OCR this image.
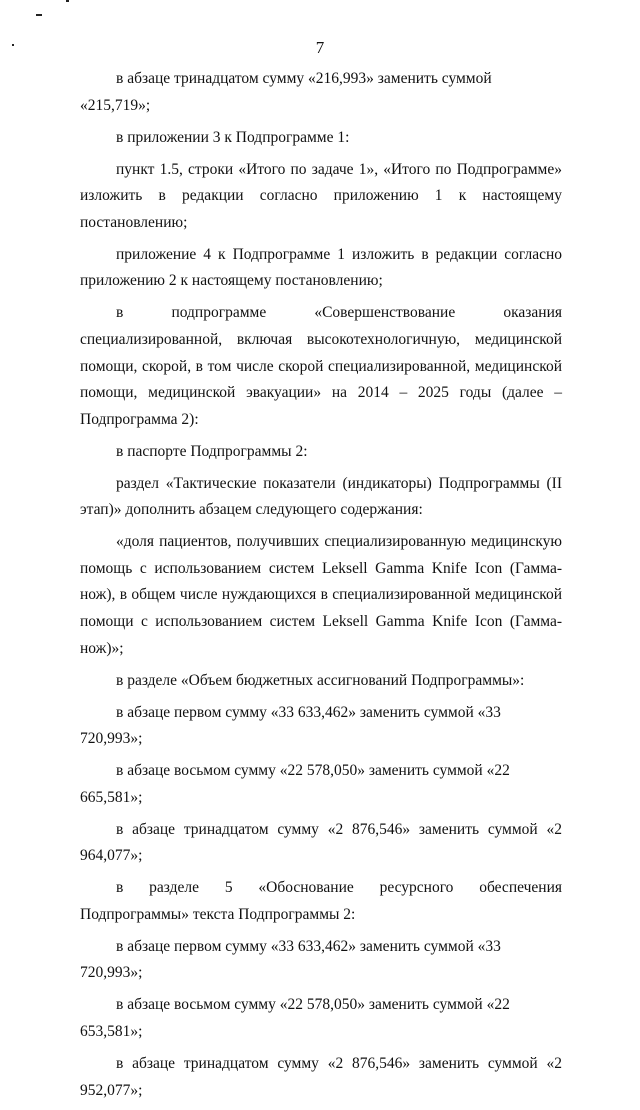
7

в абзаце тринадцатом сумму «216,993» заменить суммой «215,719»;

в приложении 3 к Подпрограмме 1:

пункт 1.5, строки «Итого по задаче 1», «Итого по Подпрограмме» изложить в редакции согласно приложению 1 к настоящему постановлению;

приложение 4 к Подпрограмме 1 изложить в редакции согласно приложению 2 к настоящему постановлению;

в подпрограмме «Совершенствование оказания специализированной, включая высокотехнологичную, медицинской помощи, скорой, в том числе скорой специализированной, медицинской помощи, медицинской эвакуации» на 2014 – 2025 годы (далее – Подпрограмма 2):

в паспорте Подпрограммы 2:

раздел «Тактические показатели (индикаторы) Подпрограммы (II этап)» дополнить абзацем следующего содержания:

«доля пациентов, получивших специализированную медицинскую помощь с использованием систем Leksell Gamma Knife Icon (Гамма-нож), в общем числе нуждающихся в специализированной медицинской помощи с использованием систем Leksell Gamma Knife Icon (Гамма-нож)»;

в разделе «Объем бюджетных ассигнований Подпрограммы»:

в абзаце первом сумму «33 633,462» заменить суммой «33 720,993»;

в абзаце восьмом сумму «22 578,050» заменить суммой «22 665,581»;

в абзаце тринадцатом сумму «2 876,546» заменить суммой «2 964,077»;

в разделе 5 «Обоснование ресурсного обеспечения Подпрограммы» текста Подпрограммы 2:

в абзаце первом сумму «33 633,462» заменить суммой «33 720,993»;

в абзаце восьмом сумму «22 578,050» заменить суммой «22 653,581»;

в абзаце тринадцатом сумму «2 876,546» заменить суммой «2 952,077»;
